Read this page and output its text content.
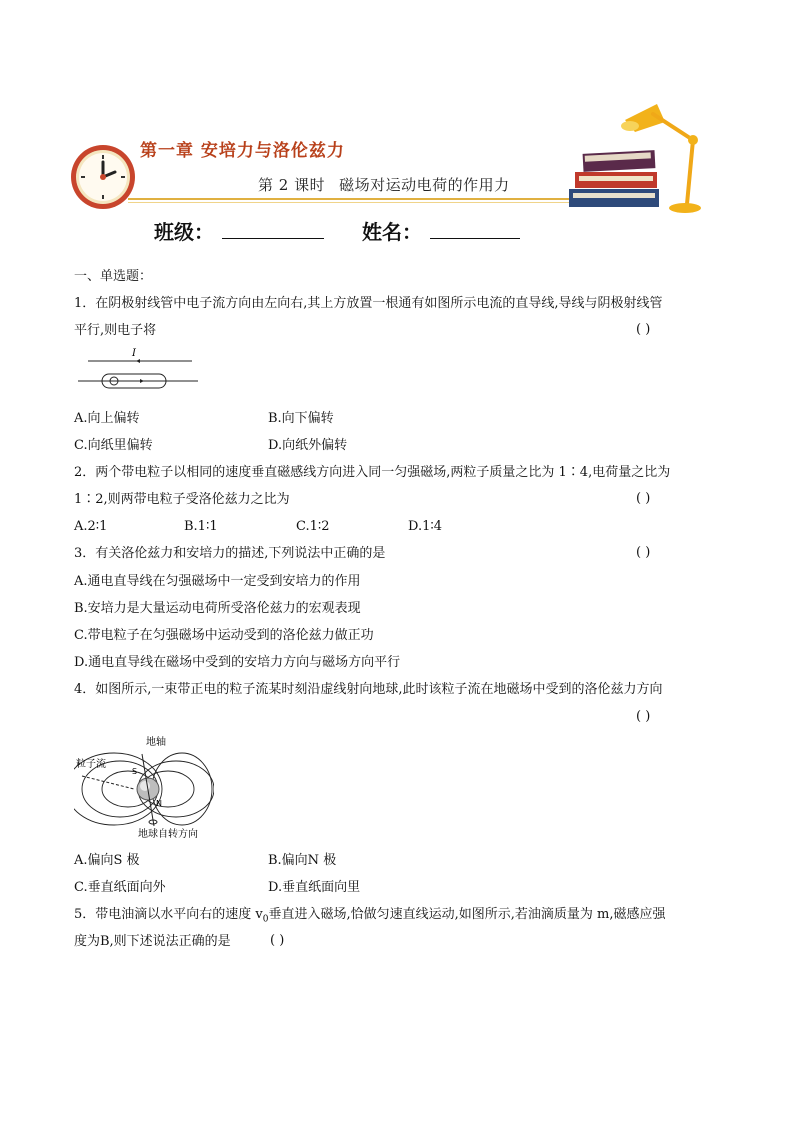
第一章 安培力与洛伦兹力
第 2 课时 磁场对运动电荷的作用力
班级：	姓名：
一、单选题：
1．在阴极射线管中电子流方向由左向右,其上方放置一根通有如图所示电流的直导线,导线与阴极射线管
平行,则电子将	( )
I
A.向上偏转	B.向下偏转
C.向纸里偏转	D.向纸外偏转
2．两个带电粒子以相同的速度垂直磁感线方向进入同一匀强磁场,两粒子质量之比为 1∶4,电荷量之比为
1∶2,则两带电粒子受洛伦兹力之比为	( )
A.2∶1	B.1∶1	C.1∶2	D.1∶4
3．有关洛伦兹力和安培力的描述,下列说法中正确的是	( )
A.通电直导线在匀强磁场中一定受到安培力的作用
B.安培力是大量运动电荷所受洛伦兹力的宏观表现
C.带电粒子在匀强磁场中运动受到的洛伦兹力做正功
D.通电直导线在磁场中受到的安培力方向与磁场方向平行
4．如图所示,一束带正电的粒子流某时刻沿虚线射向地球,此时该粒子流在地磁场中受到的洛伦兹力方向
( )
地轴
粒子流
S
N
地球自转方向
A.偏向S 极	B.偏向N 极
C.垂直纸面向外	D.垂直纸面向里
5．带电油滴以水平向右的速度 $v_0$垂直进入磁场,恰做匀速直线运动,如图所示,若油滴质量为 m,磁感应强
度为B,则下述说法正确的是	( )
